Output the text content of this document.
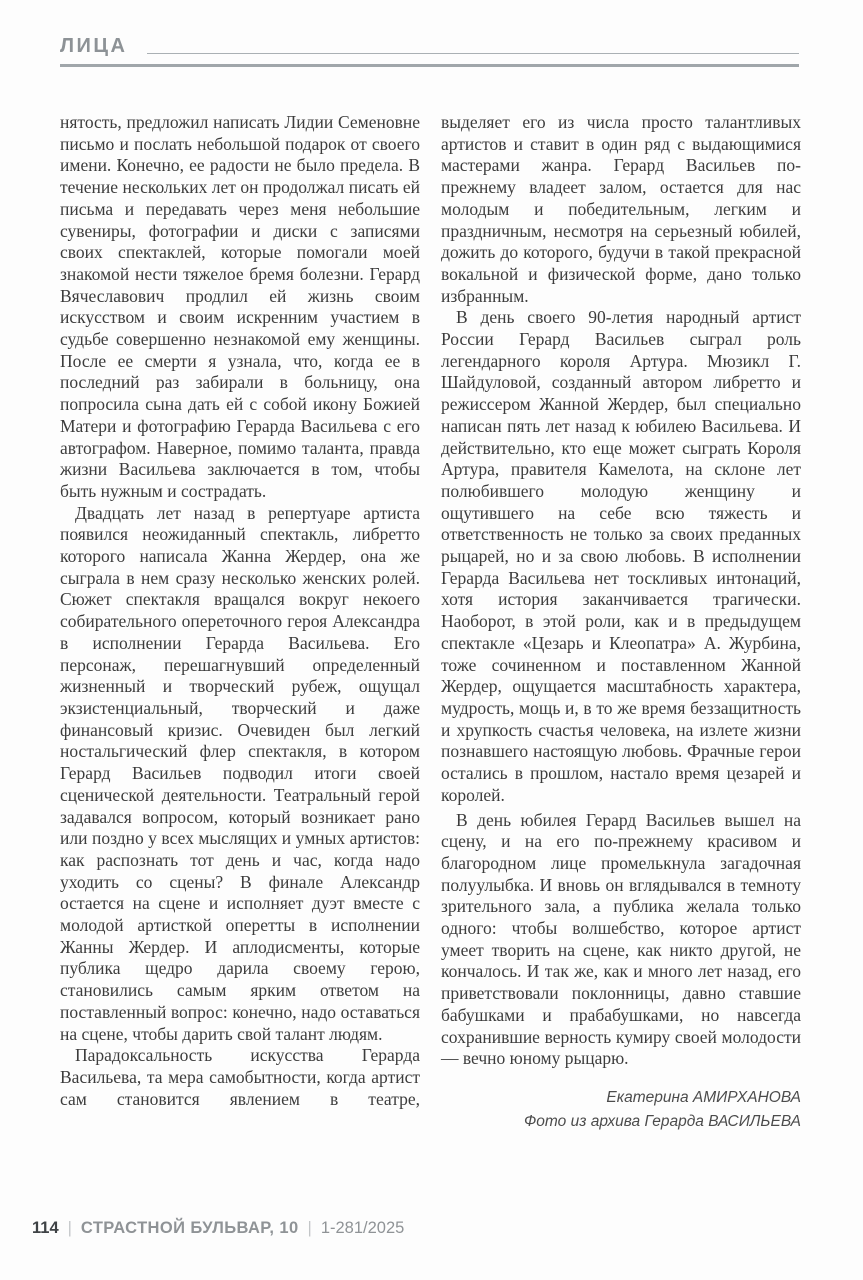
ЛИЦА

нятость, предложил написать Лидии Семеновне письмо и послать небольшой подарок от своего имени. Конечно, ее радости не было предела. В течение нескольких лет он продолжал писать ей письма и передавать через меня небольшие сувениры, фотографии и диски с записями своих спектаклей, которые помогали моей знакомой нести тяжелое бремя болезни. Герард Вячеславович продлил ей жизнь своим искусством и своим искренним участием в судьбе совершенно незнакомой ему женщины. После ее смерти я узнала, что, когда ее в последний раз забирали в больницу, она попросила сына дать ей с собой икону Божией Матери и фотографию Герарда Васильева с его автографом. Наверное, помимо таланта, правда жизни Васильева заключается в том, чтобы быть нужным и сострадать.

Двадцать лет назад в репертуаре артиста появился неожиданный спектакль, либретто которого написала Жанна Жердер, она же сыграла в нем сразу несколько женских ролей. Сюжет спектакля вращался вокруг некоего собирательного опереточного героя Александра в исполнении Герарда Васильева. Его персонаж, перешагнувший определенный жизненный и творческий рубеж, ощущал экзистенциальный, творческий и даже финансовый кризис. Очевиден был легкий ностальгический флер спектакля, в котором Герард Васильев подводил итоги своей сценической деятельности. Театральный герой задавался вопросом, который возникает рано или поздно у всех мыслящих и умных артистов: как распознать тот день и час, когда надо уходить со сцены? В финале Александр остается на сцене и исполняет дуэт вместе с молодой артисткой оперетты в исполнении Жанны Жердер. И аплодисменты, которые публика щедро дарила своему герою, становились самым ярким ответом на поставленный вопрос: конечно, надо оставаться на сцене, чтобы дарить свой талант людям.

Парадоксальность искусства Герарда Васильева, та мера самобытности, когда артист сам становится явлением в театре,

выделяет его из числа просто талантливых артистов и ставит в один ряд с выдающимися мастерами жанра. Герард Васильев по-прежнему владеет залом, остается для нас молодым и победительным, легким и праздничным, несмотря на серьезный юбилей, дожить до которого, будучи в такой прекрасной вокальной и физической форме, дано только избранным.

В день своего 90-летия народный артист России Герард Васильев сыграл роль легендарного короля Артура. Мюзикл Г. Шайдуловой, созданный автором либретто и режиссером Жанной Жердер, был специально написан пять лет назад к юбилею Васильева. И действительно, кто еще может сыграть Короля Артура, правителя Камелота, на склоне лет полюбившего молодую женщину и ощутившего на себе всю тяжесть и ответственность не только за своих преданных рыцарей, но и за свою любовь. В исполнении Герарда Васильева нет тоскливых интонаций, хотя история заканчивается трагически. Наоборот, в этой роли, как и в предыдущем спектакле «Цезарь и Клеопатра» А. Журбина, тоже сочиненном и поставленном Жанной Жердер, ощущается масштабность характера, мудрость, мощь и, в то же время беззащитность и хрупкость счастья человека, на излете жизни познавшего настоящую любовь. Фрачные герои остались в прошлом, настало время цезарей и королей.

В день юбилея Герард Васильев вышел на сцену, и на его по-прежнему красивом и благородном лице промелькнула загадочная полуулыбка. И вновь он вглядывался в темноту зрительного зала, а публика желала только одного: чтобы волшебство, которое артист умеет творить на сцене, как никто другой, не кончалось. И так же, как и много лет назад, его приветствовали поклонницы, давно ставшие бабушками и прабабушками, но навсегда сохранившие верность кумиру своей молодости — вечно юному рыцарю.

Екатерина АМИРХАНОВА
Фото из архива Герарда ВАСИЛЬЕВА
114 | СТРАСТНОЙ БУЛЬВАР, 10 | 1-281/2025
